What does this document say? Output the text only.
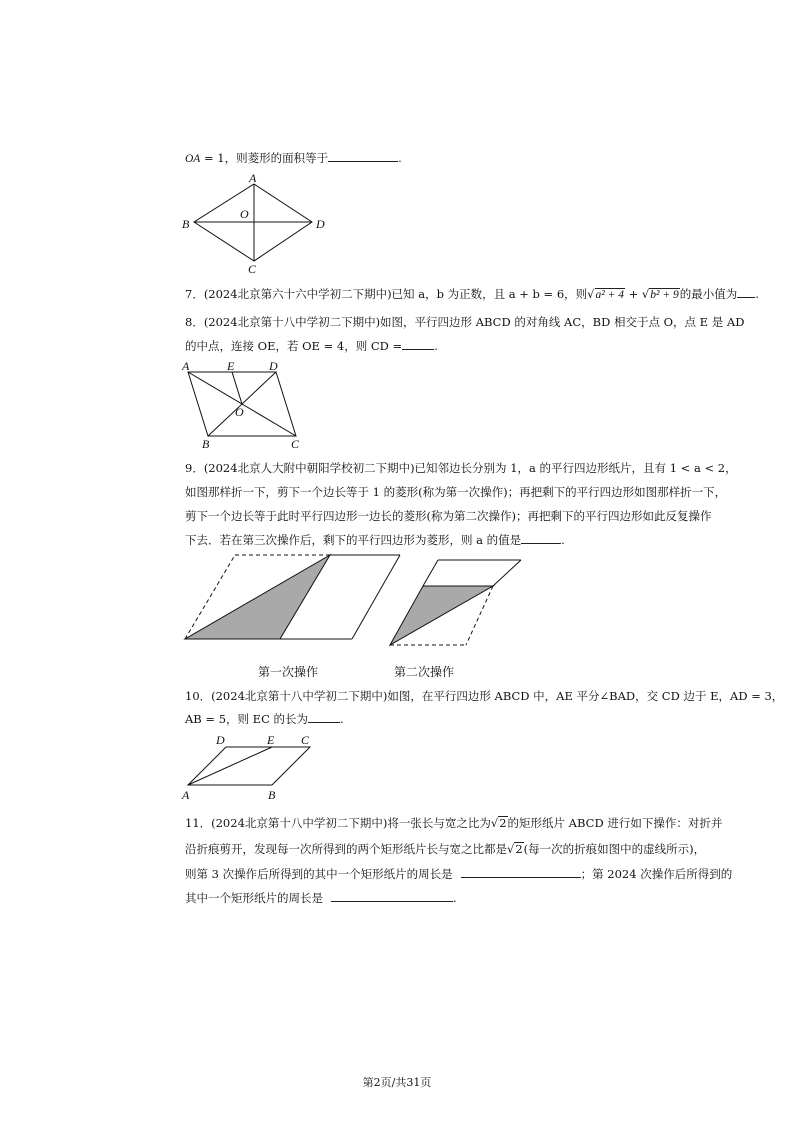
OA = 1，则菱形的面积等于	.
A
B	D
O
C
7．(2024北京第六十六中学初二下期中)已知 a，b 为正数，且 a + b = 6，则√a² + 4 + √b² + 9的最小值为 .
8．(2024北京第十八中学初二下期中)如图，平行四边形 ABCD 的对角线 AC，BD 相交于点 O，点 E 是 AD
的中点，连接 OE，若 OE = 4，则 CD =	.
A	E	D
O
B	C
9．(2024北京人大附中朝阳学校初二下期中)已知邻边长分别为 1，a 的平行四边形纸片，且有 1 < a < 2，
如图那样折一下，剪下一个边长等于 1 的菱形(称为第一次操作)；再把剩下的平行四边形如图那样折一下，
剪下一个边长等于此时平行四边形一边长的菱形(称为第二次操作)；再把剩下的平行四边形如此反复操作
下去．若在第三次操作后，剩下的平行四边形为菱形，则 a 的值是	.
第一次操作	第二次操作
10．(2024北京第十八中学初二下期中)如图，在平行四边形 ABCD 中，AE 平分∠BAD，交 CD 边于 E，AD = 3，
AB = 5，则 EC 的长为	.
D	E C
A	B
11．(2024北京第十八中学初二下期中)将一张长与宽之比为√2的矩形纸片 ABCD 进行如下操作：对折并
沿折痕剪开，发现每一次所得到的两个矩形纸片长与宽之比都是√2(每一次的折痕如图中的虚线所示)，
则第 3 次操作后所得到的其中一个矩形纸片的周长是	；第 2024 次操作后所得到的
其中一个矩形纸片的周长是	.
第2页/共31页
